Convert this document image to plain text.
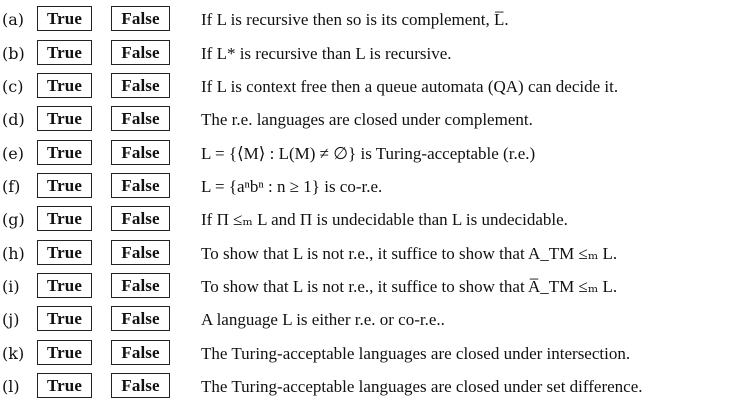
(a)	True	False	If L is recursive then so is its complement, L̅.
(b)	True	False	If L* is recursive than L is recursive.
(c)	True	False	If L is context free then a queue automata (QA) can decide it.
(d)	True	False	The r.e. languages are closed under complement.
(e)	True	False	L = {⟨M⟩ : L(M) ≠ ∅} is Turing-acceptable (r.e.)
(f)	True	False	L = {aⁿbⁿ : n ≥ 1} is co-r.e.
(g)	True	False	If Π ≤ₘ L and Π is undecidable than L is undecidable.
(h)	True	False	To show that L is not r.e., it suffice to show that A_TM ≤ₘ L.
(i)	True	False	To show that L is not r.e., it suffice to show that A̅_TM ≤ₘ L.
(j)	True	False	A language L is either r.e. or co-r.e..
(k)	True	False	The Turing-acceptable languages are closed under intersection.
(l)	True	False	The Turing-acceptable languages are closed under set difference.
